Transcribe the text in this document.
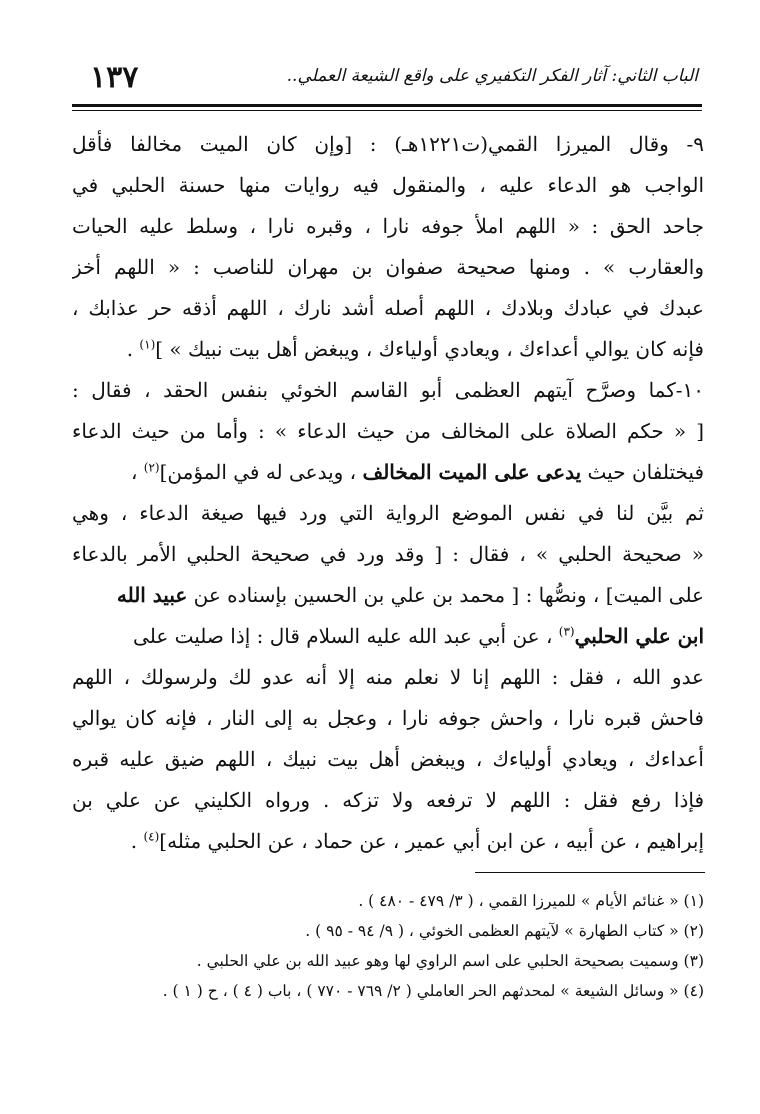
١٣٧	الباب الثاني: آثار الفكر التكفيري على واقع الشيعة العملي..
٩- وقال الميرزا القمي(ت١٢٢١هـ) : [وإن كان الميت مخالفا فأقل
الواجب هو الدعاء عليه ، والمنقول فيه روايات منها حسنة الحلبي في
جاحد الحق : « اللهم املأ جوفه نارا ، وقبره نارا ، وسلط عليه الحيات
والعقارب » . ومنها صحيحة صفوان بن مهران للناصب : « اللهم أخز
عبدك في عبادك وبلادك ، اللهم أصله أشد نارك ، اللهم أذقه حر عذابك ،
فإنه كان يوالي أعداءك ، ويعادي أولياءك ، ويبغض أهل بيت نبيك » ]$^{(١)}$ .
١٠-كما وصرَّح آيتهم العظمى أبو القاسم الخوئي بنفس الحقد ، فقال :
[ « حكم الصلاة على المخالف من حيث الدعاء » : وأما من حيث الدعاء
فيختلفان حيث يدعى على الميت المخالف ، ويدعى له في المؤمن]$^{(٢)}$ ،
ثم بيَّن لنا في نفس الموضع الرواية التي ورد فيها صيغة الدعاء ، وهي
« صحيحة الحلبي » ، فقال : [ وقد ورد في صحيحة الحلبي الأمر بالدعاء
على الميت] ، ونصُّها : [ محمد بن علي بن الحسين بإسناده عن عبيد الله
ابن علي الحلبي$^{(٣)}$ ، عن أبي عبد الله عليه السلام قال : إذا صليت على
عدو الله ، فقل : اللهم إنا لا نعلم منه إلا أنه عدو لك ولرسولك ، اللهم
فاحش قبره نارا ، واحش جوفه نارا ، وعجل به إلى النار ، فإنه كان يوالي
أعداءك ، ويعادي أولياءك ، ويبغض أهل بيت نبيك ، اللهم ضيق عليه قبره
فإذا رفع فقل : اللهم لا ترفعه ولا تزكه . ورواه الكليني عن علي بن
إبراهيم ، عن أبيه ، عن ابن أبي عمير ، عن حماد ، عن الحلبي مثله]$^{(٤)}$ .
(١) « غنائم الأيام » للميرزا القمي ، ( ٣/ ٤٧٩ - ٤٨٠ ) .
(٢) « كتاب الطهارة » لآيتهم العظمى الخوئي ، ( ٩/ ٩٤ - ٩٥ ) .
(٣) وسميت بصحيحة الحلبي على اسم الراوي لها وهو عبيد الله بن علي الحلبي .
(٤) « وسائل الشيعة » لمحدثهم الحر العاملي ( ٢/ ٧٦٩ - ٧٧٠ ) ، باب ( ٤ ) ، ح ( ١ ) .
